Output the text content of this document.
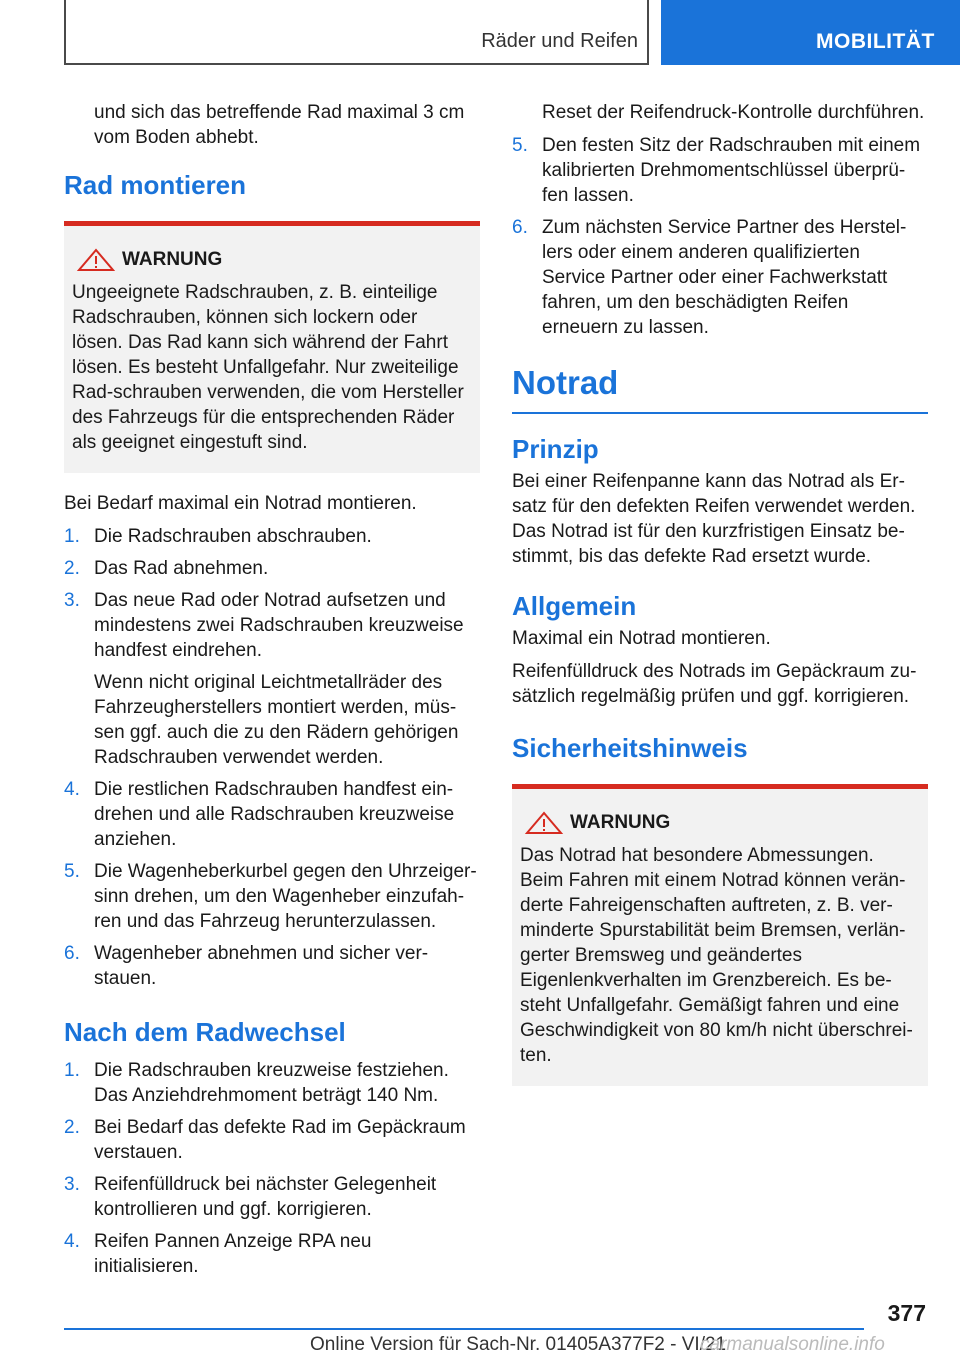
Räder und Reifen	MOBILITÄT

und sich das betreffende Rad maximal 3 cm vom Boden abhebt.

Rad montieren
WARNUNG
Ungeeignete Radschrauben, z. B. einteilige Radschrauben, können sich lockern oder lösen. Das Rad kann sich während der Fahrt lösen. Es besteht Unfallgefahr. Nur zweiteilige Rad-schrauben verwenden, die vom Hersteller des Fahrzeugs für die entsprechenden Räder als geeignet eingestuft sind.

Bei Bedarf maximal ein Notrad montieren.

1. Die Radschrauben abschrauben.
2. Das Rad abnehmen.
3. Das neue Rad oder Notrad aufsetzen und mindestens zwei Radschrauben kreuzweise handfest eindrehen.
Wenn nicht original Leichtmetallräder des Fahrzeugherstellers montiert werden, müs-sen ggf. auch die zu den Rädern gehörigen Radschrauben verwendet werden.
4. Die restlichen Radschrauben handfest ein-drehen und alle Radschrauben kreuzweise anziehen.
5. Die Wagenheberkurbel gegen den Uhrzeiger-sinn drehen, um den Wagenheber einzufah-ren und das Fahrzeug herunterzulassen.
6. Wagenheber abnehmen und sicher ver-stauen.
Nach dem Radwechsel
1. Die Radschrauben kreuzweise festziehen. Das Anziehdrehmoment beträgt 140 Nm.
2. Bei Bedarf das defekte Rad im Gepäckraum verstauen.
3. Reifenfülldruck bei nächster Gelegenheit kontrollieren und ggf. korrigieren.
4. Reifen Pannen Anzeige RPA neu initialisieren.

Reset der Reifendruck-Kontrolle durchführen.

5. Den festen Sitz der Radschrauben mit einem kalibrierten Drehmomentschlüssel überprü-fen lassen.
6. Zum nächsten Service Partner des Herstel-lers oder einem anderen qualifizierten Service Partner oder einer Fachwerkstatt fahren, um den beschädigten Reifen erneuern zu lassen.
Notrad
Prinzip

Bei einer Reifenpanne kann das Notrad als Er-satz für den defekten Reifen verwendet werden. Das Notrad ist für den kurzfristigen Einsatz be-stimmt, bis das defekte Rad ersetzt wurde.

Allgemein

Maximal ein Notrad montieren.

Reifenfülldruck des Notrads im Gepäckraum zu-sätzlich regelmäßig prüfen und ggf. korrigieren.

Sicherheitshinweis
WARNUNG
Das Notrad hat besondere Abmessungen. Beim Fahren mit einem Notrad können verän-derte Fahreigenschaften auftreten, z. B. ver-minderte Spurstabilität beim Bremsen, verlän-gerter Bremsweg und geändertes Eigenlenkverhalten im Grenzbereich. Es be-steht Unfallgefahr. Gemäßigt fahren und eine Geschwindigkeit von 80 km/h nicht überschrei-ten.
377
Online Version für Sach-Nr. 01405A377F2 - VI/21
carmanualsonline.info
